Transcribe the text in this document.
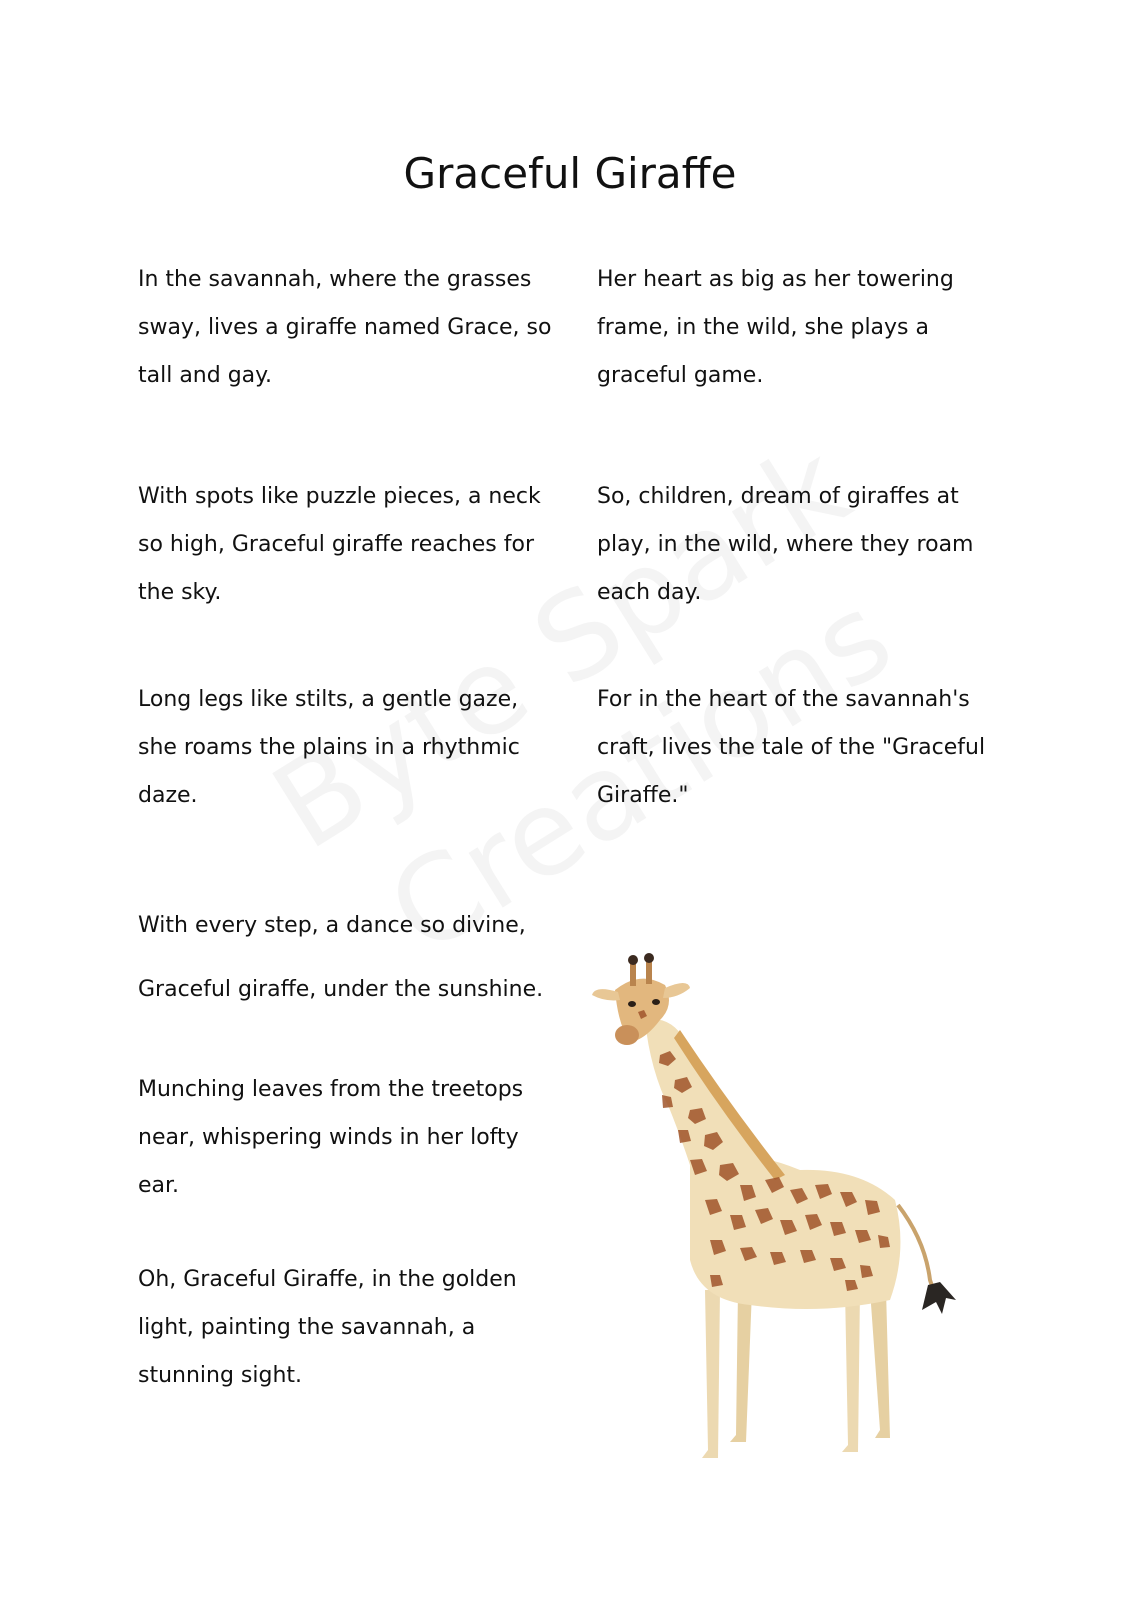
Graceful Giraffe
In the savannah, where the grasses
sway, lives a giraffe named Grace, so
tall and gay.
With spots like puzzle pieces, a neck
so high, Graceful giraffe reaches for
the sky.
Long legs like stilts, a gentle gaze,
she roams the plains in a rhythmic
daze.
With every step, a dance so divine,
Graceful giraffe, under the sunshine.
Munching leaves from the treetops
near, whispering winds in her lofty
ear.
Oh, Graceful Giraffe, in the golden
light, painting the savannah, a
stunning sight.
Her heart as big as her towering
frame, in the wild, she plays a
graceful game.
So, children, dream of giraffes at
play, in the wild, where they roam
each day.
For in the heart of the savannah's
craft, lives the tale of the "Graceful
Giraffe."
